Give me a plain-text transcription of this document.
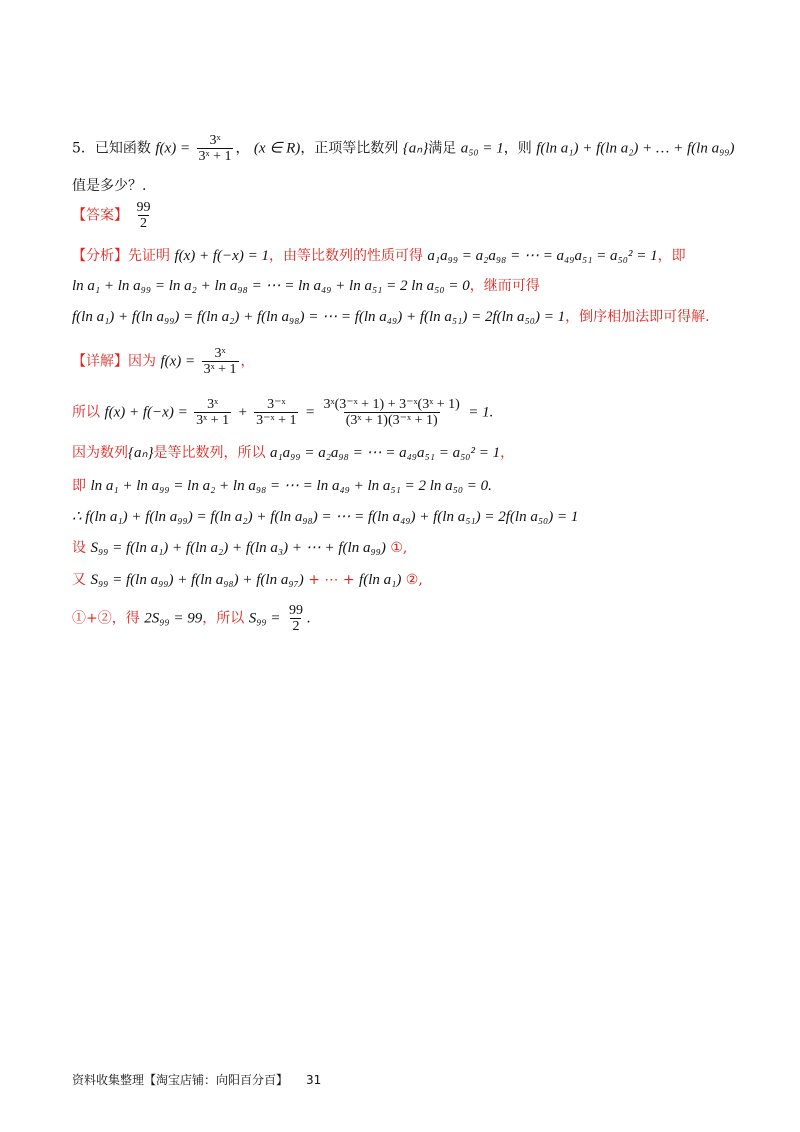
5．已知函数 $f(x) = \frac{\text{3ˣ}}{\text{3ˣ + 1}}$ ， (x ∈ R)，正项等比数列 {aₙ}满足 a₅₀ = 1，则 f(ln a₁) + f(ln a₂) + … + f(ln a₉₉)
值是多少？.
【答案】 $\frac{99}{2}$
【分析】先证明 f(x) + f(−x) = 1，由等比数列的性质可得 a₁a₉₉ = a₂a₉₈ = ⋯ = a₄₉a₅₁ = a₅₀² = 1，即
ln a₁ + ln a₉₉ = ln a₂ + ln a₉₈ = ⋯ = ln a₄₉ + ln a₅₁ = 2 ln a₅₀ = 0，继而可得
f(ln a₁) + f(ln a₉₉) = f(ln a₂) + f(ln a₉₈) = ⋯ = f(ln a₄₉) + f(ln a₅₁) = 2f(ln a₅₀) = 1，倒序相加法即可得解.
【详解】因为 $f(x) = \frac{\text{3ˣ}}{\text{3ˣ + 1}}$ ，
所以 $f(x) + f(-x) = \frac{\text{3ˣ}}{\text{3ˣ + 1}} + \frac{\text{3⁻ˣ}}{\text{3⁻ˣ + 1}} = \frac{\text{3ˣ(3⁻ˣ + 1) + 3⁻ˣ(3ˣ + 1)}}{\text{(3ˣ + 1)(3⁻ˣ + 1)}} = 1$.
因为数列{aₙ}是等比数列，所以 a₁a₉₉ = a₂a₉₈ = ⋯ = a₄₉a₅₁ = a₅₀² = 1，
即 ln a₁ + ln a₉₉ = ln a₂ + ln a₉₈ = ⋯ = ln a₄₉ + ln a₅₁ = 2 ln a₅₀ = 0.
∴ f(ln a₁) + f(ln a₉₉) = f(ln a₂) + f(ln a₉₈) = ⋯ = f(ln a₄₉) + f(ln a₅₁) = 2f(ln a₅₀) = 1
设 S₉₉ = f(ln a₁) + f(ln a₂) + f(ln a₃) + ⋯ + f(ln a₉₉) ①,
又 S₉₉ = f(ln a₉₉) + f(ln a₉₈) + f(ln a₉₇) + ⋯ + f(ln a₁) ②,
①+②，得 2S₉₉ = 99，所以 $S_{99} = \frac{99}{2}$ .
资料收集整理【淘宝店铺：向阳百分百】 31
